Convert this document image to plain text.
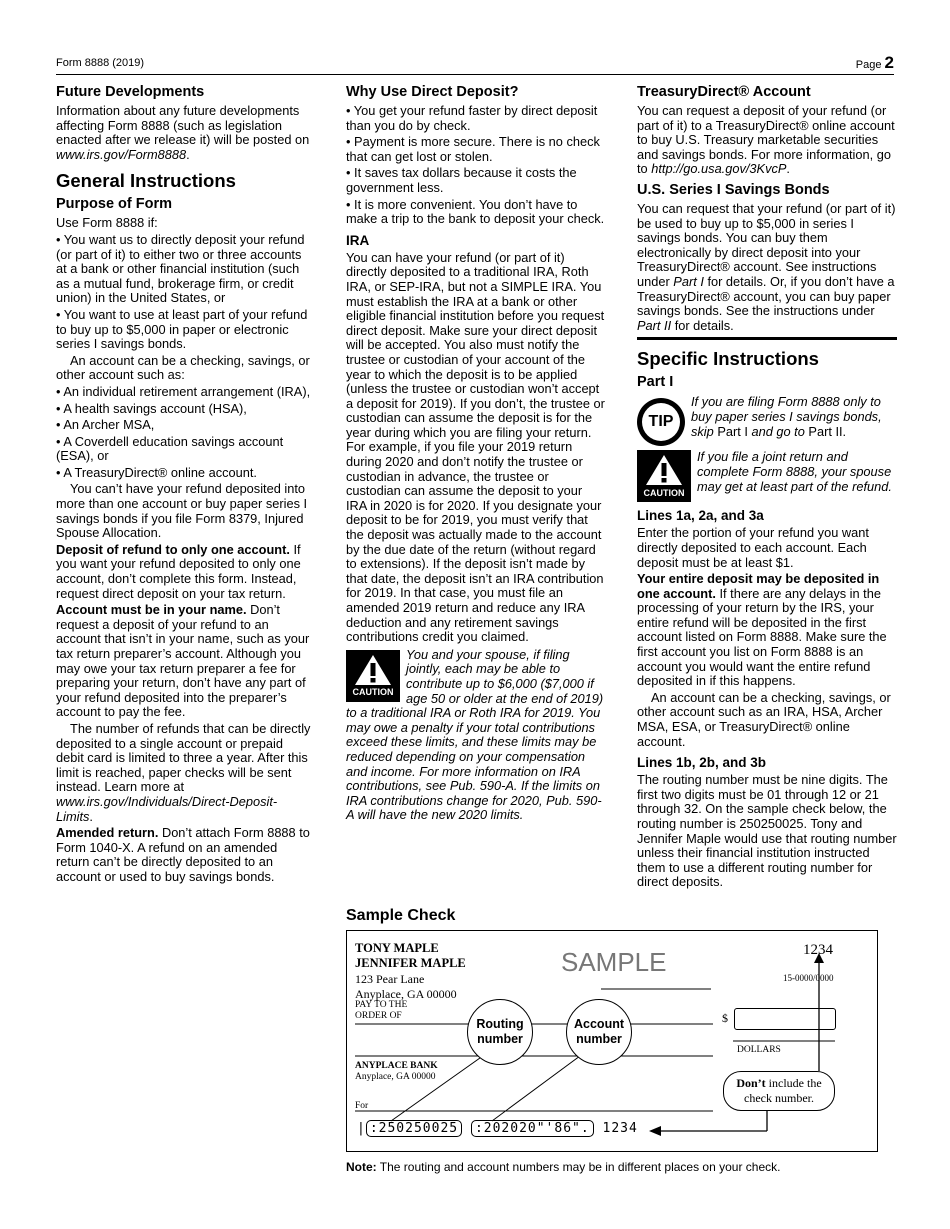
Form 8888 (2019)	Page 2
Future Developments

Information about any future developments affecting Form 8888 (such as legislation enacted after we release it) will be posted on www.irs.gov/Form8888.

General Instructions
Purpose of Form

Use Form 8888 if:

• You want us to directly deposit your refund (or part of it) to either two or three accounts at a bank or other financial institution (such as a mutual fund, brokerage firm, or credit union) in the United States, or

• You want to use at least part of your refund to buy up to $5,000 in paper or electronic series I savings bonds.

An account can be a checking, savings, or other account such as:

• An individual retirement arrangement (IRA),

• A health savings account (HSA),

• An Archer MSA,

• A Coverdell education savings account (ESA), or

• A TreasuryDirect® online account.

You can’t have your refund deposited into more than one account or buy paper series I savings bonds if you file Form 8379, Injured Spouse Allocation.

Deposit of refund to only one account. If you want your refund deposited to only one account, don’t complete this form. Instead, request direct deposit on your tax return.

Account must be in your name. Don’t request a deposit of your refund to an account that isn’t in your name, such as your tax return preparer’s account. Although you may owe your tax return preparer a fee for preparing your return, don’t have any part of your refund deposited into the preparer’s account to pay the fee.

The number of refunds that can be directly deposited to a single account or prepaid debit card is limited to three a year. After this limit is reached, paper checks will be sent instead. Learn more at www.irs.gov/Individuals/Direct-Deposit-Limits.

Amended return. Don’t attach Form 8888 to Form 1040-X. A refund on an amended return can’t be directly deposited to an account or used to buy savings bonds.

Why Use Direct Deposit?

• You get your refund faster by direct deposit than you do by check.

• Payment is more secure. There is no check that can get lost or stolen.

• It saves tax dollars because it costs the government less.

• It is more convenient. You don’t have to make a trip to the bank to deposit your check.

IRA

You can have your refund (or part of it) directly deposited to a traditional IRA, Roth IRA, or SEP-IRA, but not a SIMPLE IRA. You must establish the IRA at a bank or other eligible financial institution before you request direct deposit. Make sure your direct deposit will be accepted. You also must notify the trustee or custodian of your account of the year to which the deposit is to be applied (unless the trustee or custodian won’t accept a deposit for 2019). If you don’t, the trustee or custodian can assume the deposit is for the year during which you are filing your return. For example, if you file your 2019 return during 2020 and don’t notify the trustee or custodian in advance, the trustee or custodian can assume the deposit to your IRA in 2020 is for 2020. If you designate your deposit to be for 2019, you must verify that the deposit was actually made to the account by the due date of the return (without regard to extensions). If the deposit isn’t made by that date, the deposit isn’t an IRA contribution for 2019. In that case, you must file an amended 2019 return and reduce any IRA deduction and any retirement savings contributions credit you claimed.

CAUTION
You and your spouse, if filing jointly, each may be able to contribute up to $6,000 ($7,000 if age 50 or older at the end of 2019) to a traditional IRA or Roth IRA for 2019. You may owe a penalty if your total contributions exceed these limits, and these limits may be reduced depending on your compensation and income. For more information on IRA contributions, see Pub. 590-A. If the limits on IRA contributions change for 2020, Pub. 590-A will have the new 2020 limits.
TreasuryDirect® Account

You can request a deposit of your refund (or part of it) to a TreasuryDirect® online account to buy U.S. Treasury marketable securities and savings bonds. For more information, go to http://go.usa.gov/3KvcP.

U.S. Series I Savings Bonds

You can request that your refund (or part of it) be used to buy up to $5,000 in series I savings bonds. You can buy them electronically by direct deposit into your TreasuryDirect® account. See instructions under Part I for details. Or, if you don’t have a TreasuryDirect® account, you can buy paper savings bonds. See the instructions under Part II for details.

Specific Instructions
Part I
TIP
If you are filing Form 8888 only to buy paper series I savings bonds, skip Part I and go to Part II.
CAUTION
If you file a joint return and complete Form 8888, your spouse may get at least part of the refund.
Lines 1a, 2a, and 3a

Enter the portion of your refund you want directly deposited to each account. Each deposit must be at least $1.

Your entire deposit may be deposited in one account. If there are any delays in the processing of your return by the IRS, your entire refund will be deposited in the first account listed on Form 8888. Make sure the first account you list on Form 8888 is an account you would want the entire refund deposited in if this happens.

An account can be a checking, savings, or other account such as an IRA, HSA, Archer MSA, ESA, or TreasuryDirect® online account.

Lines 1b, 2b, and 3b

The routing number must be nine digits. The first two digits must be 01 through 12 or 21 through 32. On the sample check below, the routing number is 250250025. Tony and Jennifer Maple would use that routing number unless their financial institution instructed them to use a different routing number for direct deposits.

Sample Check
TONY MAPLE
JENNIFER MAPLE
123 Pear Lane
Anyplace, GA 00000
PAY TO THE
ORDER OF
SAMPLE	1234
15-0000/0000
$
DOLLARS
ANYPLACE BANK
Anyplace, GA 00000
For
Routing number
Account number
Don’t include the check number.
| :250250025 :202020"'86". 1234
Note: The routing and account numbers may be in different places on your check.
